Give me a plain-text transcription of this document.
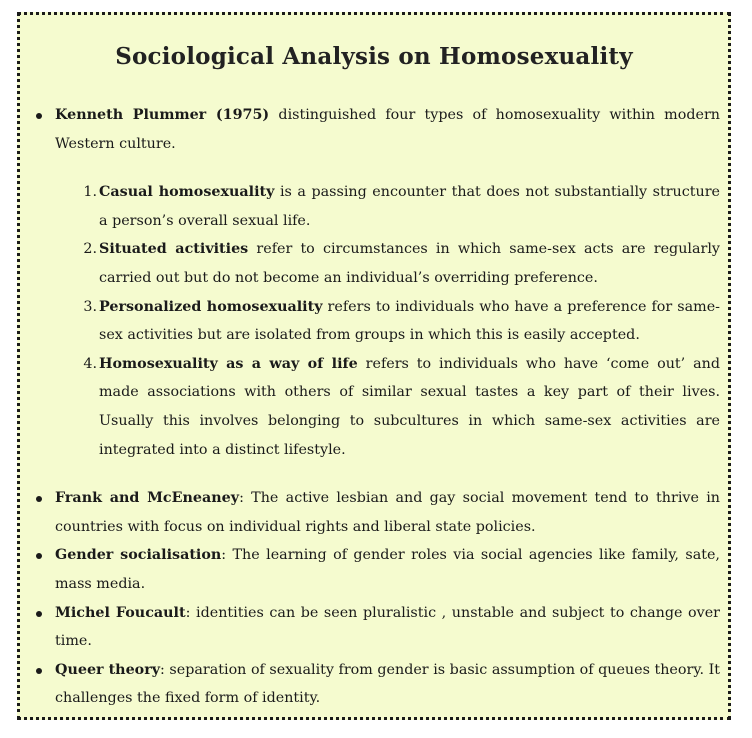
Sociological Analysis on Homosexuality
Kenneth Plummer (1975) distinguished four types of homosexuality within modern Western culture.
1. Casual homosexuality is a passing encounter that does not substantially structure a person’s overall sexual life.
2. Situated activities refer to circumstances in which same-sex acts are regularly carried out but do not become an individual’s overriding preference.
3. Personalized homosexuality refers to individuals who have a preference for same-sex activities but are isolated from groups in which this is easily accepted.
4. Homosexuality as a way of life refers to individuals who have ‘come out’ and made associations with others of similar sexual tastes a key part of their lives. Usually this involves belonging to subcultures in which same-sex activities are integrated into a distinct lifestyle.
Frank and McEneaney: The active lesbian and gay social movement tend to thrive in countries with focus on individual rights and liberal state policies.
Gender socialisation: The learning of gender roles via social agencies like family, sate, mass media.
Michel Foucault: identities can be seen pluralistic , unstable and subject to change over time.
Queer theory: separation of sexuality from gender is basic assumption of queues theory. It challenges the fixed form of identity.
